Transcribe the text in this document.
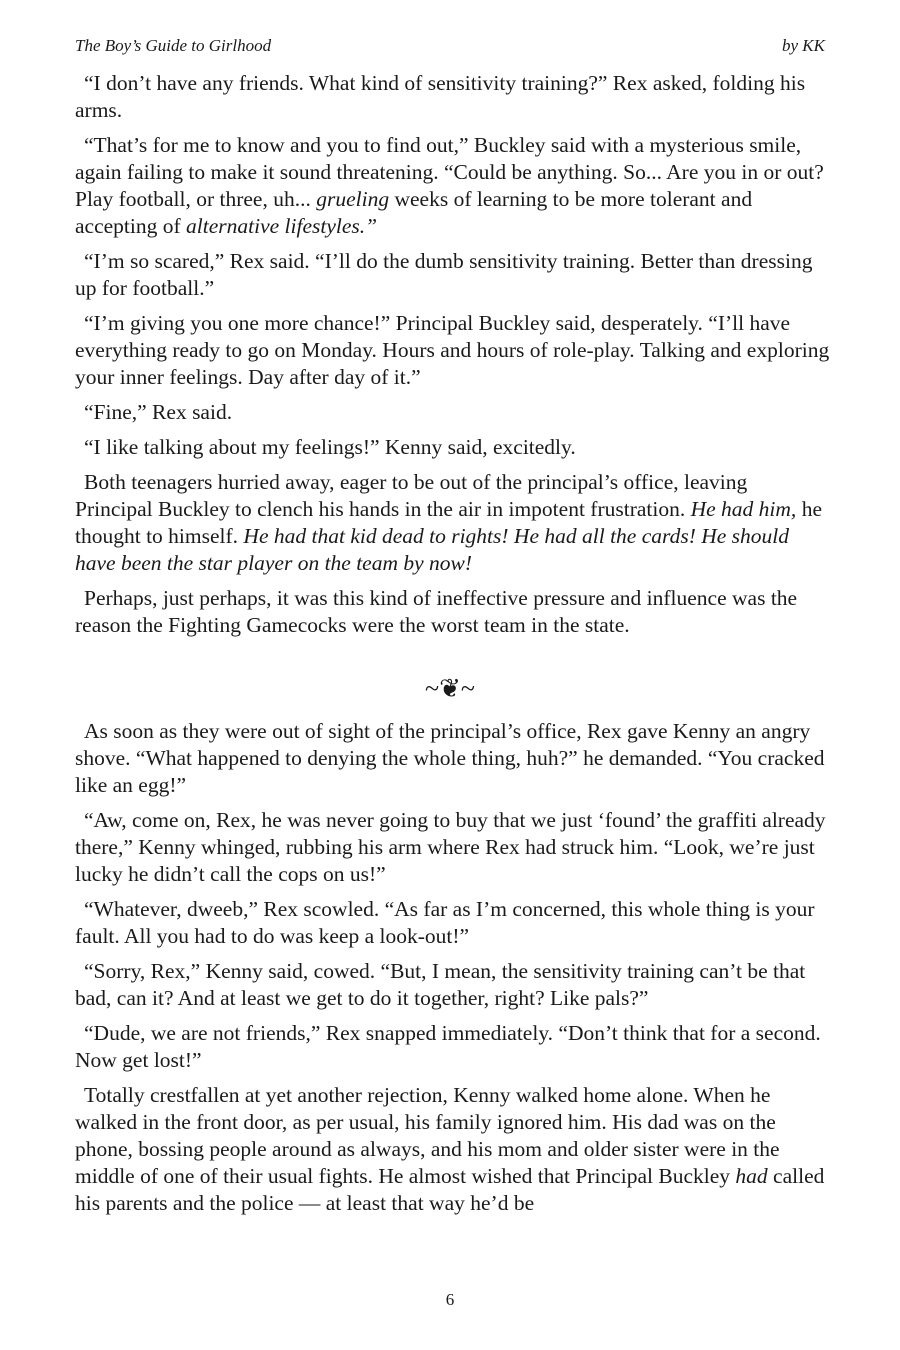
The Boy’s Guide to Girlhood	by KK

“I don’t have any friends. What kind of sensitivity training?” Rex asked, folding his arms.

“That’s for me to know and you to find out,” Buckley said with a mysterious smile, again failing to make it sound threatening. “Could be anything. So... Are you in or out? Play football, or three, uh... grueling weeks of learning to be more tolerant and accepting of alternative lifestyles.”

“I’m so scared,” Rex said. “I’ll do the dumb sensitivity training. Better than dressing up for football.”

“I’m giving you one more chance!” Principal Buckley said, desperately. “I’ll have everything ready to go on Monday. Hours and hours of role-play. Talking and exploring your inner feelings. Day after day of it.”

“Fine,” Rex said.

“I like talking about my feelings!” Kenny said, excitedly.

Both teenagers hurried away, eager to be out of the principal’s office, leaving Principal Buckley to clench his hands in the air in impotent frustration. He had him, he thought to himself. He had that kid dead to rights! He had all the cards! He should have been the star player on the team by now!

Perhaps, just perhaps, it was this kind of ineffective pressure and influence was the reason the Fighting Gamecocks were the worst team in the state.

~❦~

As soon as they were out of sight of the principal’s office, Rex gave Kenny an angry shove. “What happened to denying the whole thing, huh?” he demanded. “You cracked like an egg!”

“Aw, come on, Rex, he was never going to buy that we just ‘found’ the graffiti already there,” Kenny whinged, rubbing his arm where Rex had struck him. “Look, we’re just lucky he didn’t call the cops on us!”

“Whatever, dweeb,” Rex scowled. “As far as I’m concerned, this whole thing is your fault. All you had to do was keep a look-out!”

“Sorry, Rex,” Kenny said, cowed. “But, I mean, the sensitivity training can’t be that bad, can it? And at least we get to do it together, right? Like pals?”

“Dude, we are not friends,” Rex snapped immediately. “Don’t think that for a second. Now get lost!”

Totally crestfallen at yet another rejection, Kenny walked home alone. When he walked in the front door, as per usual, his family ignored him. His dad was on the phone, bossing people around as always, and his mom and older sister were in the middle of one of their usual fights. He almost wished that Principal Buckley had called his parents and the police — at least that way he’d be

6
